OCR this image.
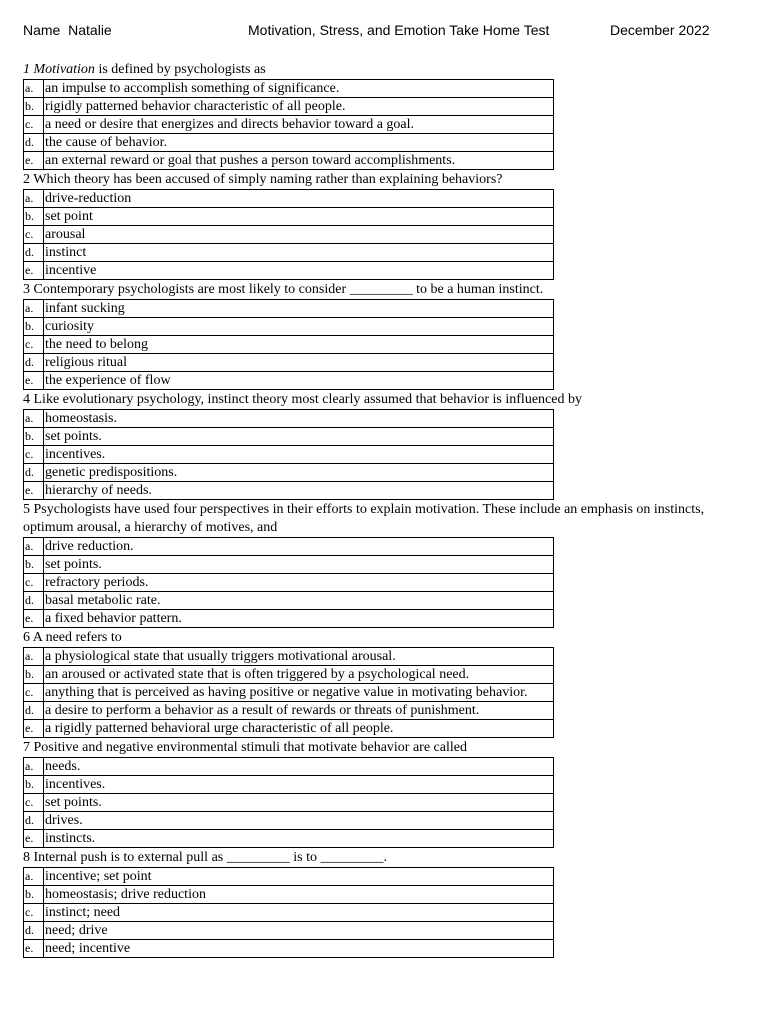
Name Natalie	Motivation, Stress, and Emotion Take Home Test	December 2022

1 Motivation is defined by psychologists as

a.	an impulse to accomplish something of significance.
b.	rigidly patterned behavior characteristic of all people.
c.	a need or desire that energizes and directs behavior toward a goal.
d.	the cause of behavior.
e.	an external reward or goal that pushes a person toward accomplishments.

2 Which theory has been accused of simply naming rather than explaining behaviors?

a.	drive-reduction
b.	set point
c.	arousal
d.	instinct
e.	incentive

3 Contemporary psychologists are most likely to consider _________ to be a human instinct.

a.	infant sucking
b.	curiosity
c.	the need to belong
d.	religious ritual
e.	the experience of flow

4 Like evolutionary psychology, instinct theory most clearly assumed that behavior is influenced by

a.	homeostasis.
b.	set points.
c.	incentives.
d.	genetic predispositions.
e.	hierarchy of needs.

5 Psychologists have used four perspectives in their efforts to explain motivation. These include an emphasis on instincts, optimum arousal, a hierarchy of motives, and

a.	drive reduction.
b.	set points.
c.	refractory periods.
d.	basal metabolic rate.
e.	a fixed behavior pattern.

6 A need refers to

a.	a physiological state that usually triggers motivational arousal.
b.	an aroused or activated state that is often triggered by a psychological need.
c.	anything that is perceived as having positive or negative value in motivating behavior.
d.	a desire to perform a behavior as a result of rewards or threats of punishment.
e.	a rigidly patterned behavioral urge characteristic of all people.

7 Positive and negative environmental stimuli that motivate behavior are called

a.	needs.
b.	incentives.
c.	set points.
d.	drives.
e.	instincts.

8 Internal push is to external pull as _________ is to _________.

a.	incentive; set point
b.	homeostasis; drive reduction
c.	instinct; need
d.	need; drive
e.	need; incentive
